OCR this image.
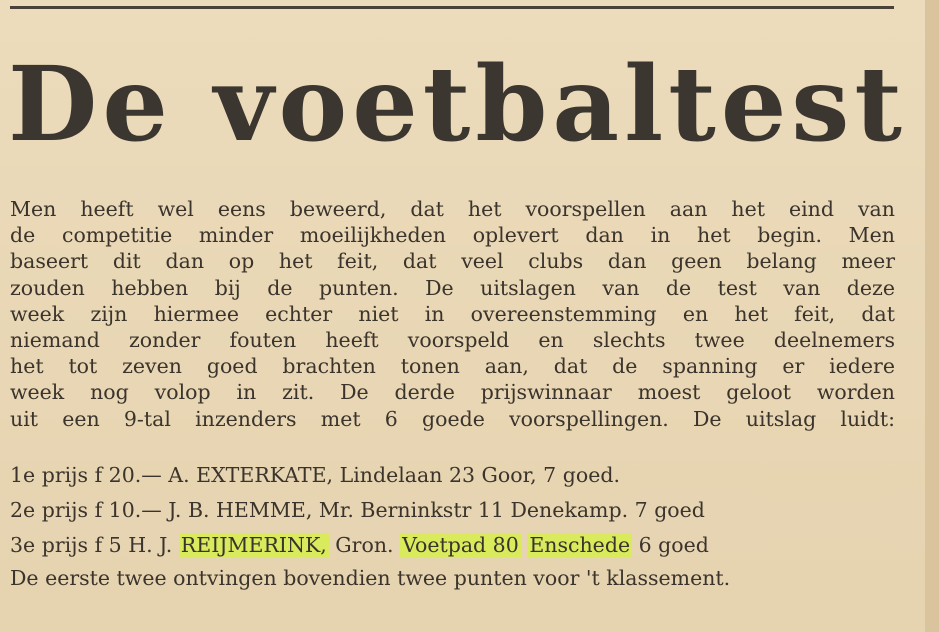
De voetbaltest
Men heeft wel eens beweerd, dat het voorspellen aan het eind van
de competitie minder moeilijkheden oplevert dan in het begin. Men
baseert dit dan op het feit, dat veel clubs dan geen belang meer
zouden hebben bij de punten. De uitslagen van de test van deze
week zijn hiermee echter niet in overeenstemming en het feit, dat
niemand zonder fouten heeft voorspeld en slechts twee deelnemers
het tot zeven goed brachten tonen aan, dat de spanning er iedere
week nog volop in zit. De derde prijswinnaar moest geloot worden
uit een 9-tal inzenders met 6 goede voorspellingen. De uitslag luidt:
1e prijs f 20.— A. EXTERKATE, Lindelaan 23 Goor, 7 goed.
2e prijs f 10.— J. B. HEMME, Mr. Berninkstr 11 Denekamp. 7 goed
3e prijs f 5 H. J. REIJMERINK, Gron. Voetpad 80 Enschede 6 goed
De eerste twee ontvingen bovendien twee punten voor 't klassement.
